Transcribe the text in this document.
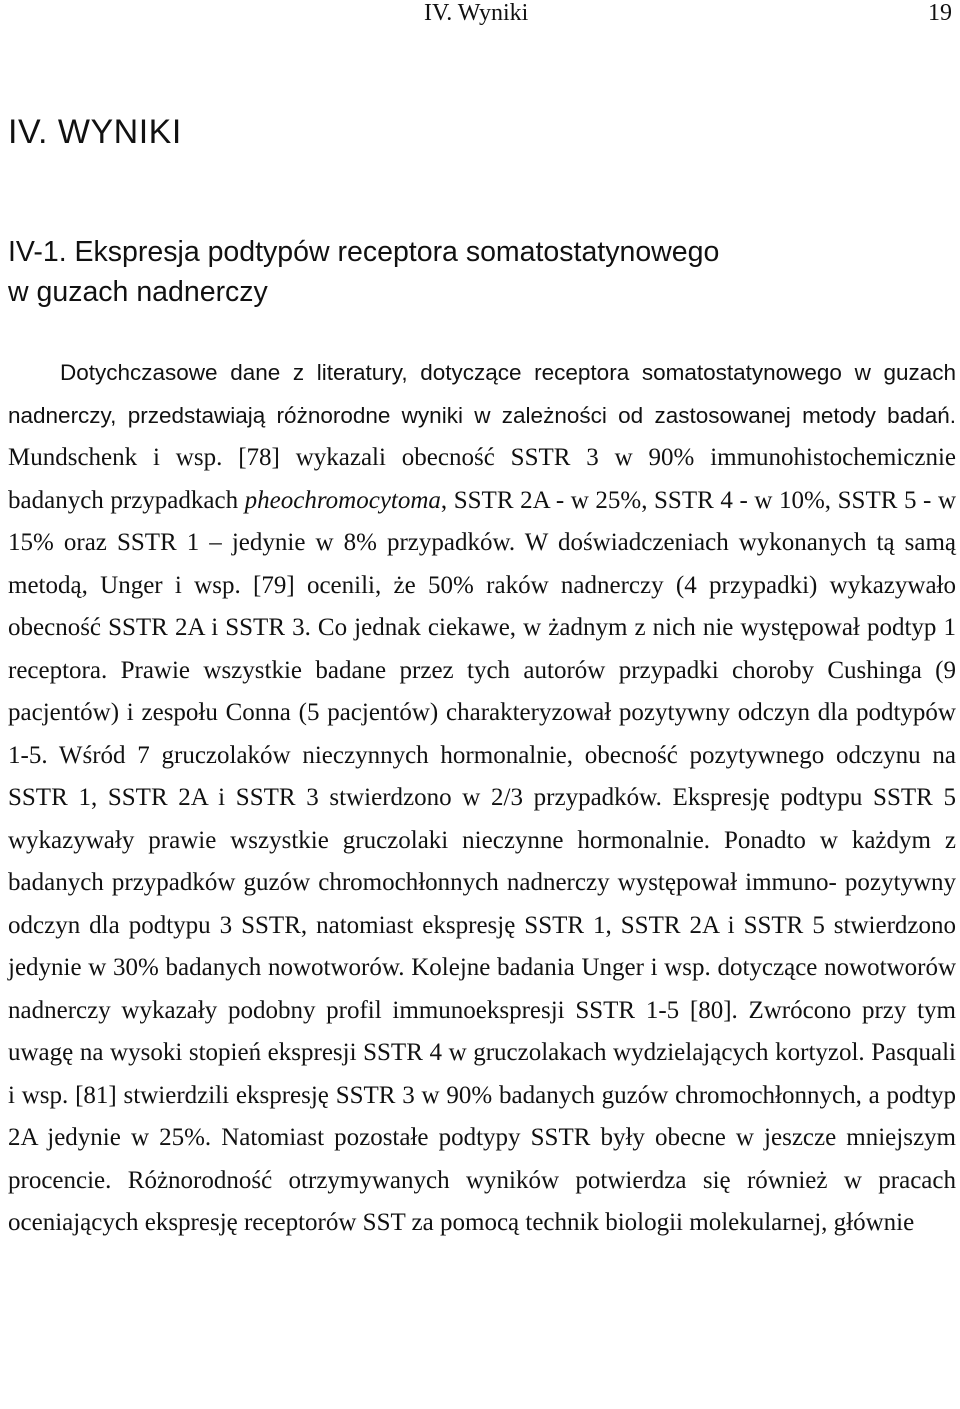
IV. Wyniki	19
IV. WYNIKI
IV-1. Ekspresja podtypów receptora somatostatynowego
w guzach nadnerczy

Dotychczasowe dane z literatury, dotyczące receptora somatostatynowego w guzach nadnerczy, przedstawiają różnorodne wyniki w zależności od zastosowanej metody badań. Mundschenk i wsp. [78] wykazali obecność SSTR 3 w 90% immunohistochemicznie badanych przypadkach pheochromocytoma, SSTR 2A - w 25%, SSTR 4 - w 10%, SSTR 5 - w 15% oraz SSTR 1 – jedynie w 8% przypadków. W doświadczeniach wykonanych tą samą metodą, Unger i wsp. [79] ocenili, że 50% raków nadnerczy (4 przypadki) wykazywało obecność SSTR 2A i SSTR 3. Co jednak ciekawe, w żadnym z nich nie występował podtyp 1 receptora. Prawie wszystkie badane przez tych autorów przypadki choroby Cushinga (9 pacjentów) i zespołu Conna (5 pacjentów) charakteryzował pozytywny odczyn dla podtypów 1-5. Wśród 7 gruczolaków nieczynnych hormonalnie, obecność pozytywnego odczynu na SSTR 1, SSTR 2A i SSTR 3 stwierdzono w 2/3 przypadków. Ekspresję podtypu SSTR 5 wykazywały prawie wszystkie gruczolaki nieczynne hormonalnie. Ponadto w każdym z badanych przypadków guzów chromochłonnych nadnerczy występował immuno- pozytywny odczyn dla podtypu 3 SSTR, natomiast ekspresję SSTR 1, SSTR 2A i SSTR 5 stwierdzono jedynie w 30% badanych nowotworów. Kolejne badania Unger i wsp. dotyczące nowotworów nadnerczy wykazały podobny profil immunoekspresji SSTR 1-5 [80]. Zwrócono przy tym uwagę na wysoki stopień ekspresji SSTR 4 w gruczolakach wydzielających kortyzol. Pasquali i wsp. [81] stwierdzili ekspresję SSTR 3 w 90% badanych guzów chromochłonnych, a podtyp 2A jedynie w 25%. Natomiast pozostałe podtypy SSTR były obecne w jeszcze mniejszym procencie. Różnorodność otrzymywanych wyników potwierdza się również w pracach oceniających ekspresję receptorów SST za pomocą technik biologii molekularnej, głównie
